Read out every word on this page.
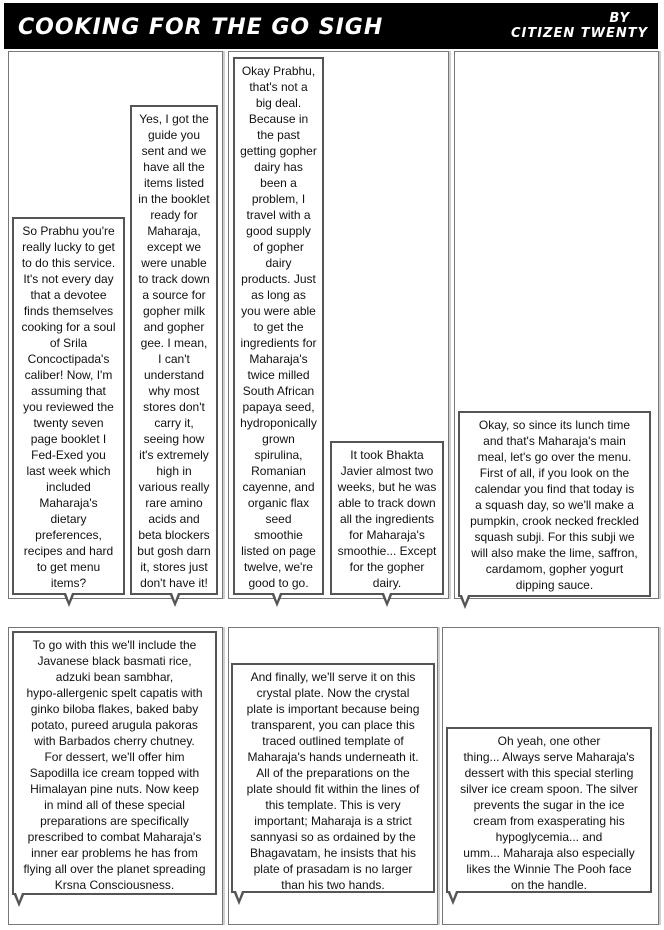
COOKING FOR THE GO SIGH	BY
CITIZEN TWENTY
So Prabhu you're
really lucky to get
to do this service.
It's not every day
that a devotee
finds themselves
cooking for a soul
of Srila
Concoctipada's
caliber! Now, I'm
assuming that
you reviewed the
twenty seven
page booklet I
Fed-Exed you
last week which
included
Maharaja's
dietary
preferences,
recipes and hard
to get menu
items?
Yes, I got the
guide you
sent and we
have all the
items listed
in the booklet
ready for
Maharaja,
except we
were unable
to track down
a source for
gopher milk
and gopher
gee. I mean,
I can't
understand
why most
stores don't
carry it,
seeing how
it's extremely
high in
various really
rare amino
acids and
beta blockers
but gosh darn
it, stores just
don't have it!
Okay Prabhu,
that's not a
big deal.
Because in
the past
getting gopher
dairy has
been a
problem, I
travel with a
good supply
of gopher
dairy
products. Just
as long as
you were able
to get the
ingredients for
Maharaja's
twice milled
South African
papaya seed,
hydroponically
grown
spirulina,
Romanian
cayenne, and
organic flax
seed
smoothie
listed on page
twelve, we're
good to go.
It took Bhakta
Javier almost two
weeks, but he was
able to track down
all the ingredients
for Maharaja's
smoothie... Except
for the gopher
dairy.
Okay, so since its lunch time
and that's Maharaja's main
meal, let's go over the menu.
First of all, if you look on the
calendar you find that today is
a squash day, so we'll make a
pumpkin, crook necked freckled
squash subji. For this subji we
will also make the lime, saffron,
cardamom, gopher yogurt
dipping sauce.
To go with this we'll include the
Javanese black basmati rice,
adzuki bean sambhar,
hypo-allergenic spelt capatis with
ginko biloba flakes, baked baby
potato, pureed arugula pakoras
with Barbados cherry chutney.
For dessert, we'll offer him
Sapodilla ice cream topped with
Himalayan pine nuts. Now keep
in mind all of these special
preparations are specifically
prescribed to combat Maharaja's
inner ear problems he has from
flying all over the planet spreading
Krsna Consciousness.
And finally, we'll serve it on this
crystal plate. Now the crystal
plate is important because being
transparent, you can place this
traced outlined template of
Maharaja's hands underneath it.
All of the preparations on the
plate should fit within the lines of
this template. This is very
important; Maharaja is a strict
sannyasi so as ordained by the
Bhagavatam, he insists that his
plate of prasadam is no larger
than his two hands.
Oh yeah, one other
thing... Always serve Maharaja's
dessert with this special sterling
silver ice cream spoon. The silver
prevents the sugar in the ice
cream from exasperating his
hypoglycemia... and
umm... Maharaja also especially
likes the Winnie The Pooh face
on the handle.
